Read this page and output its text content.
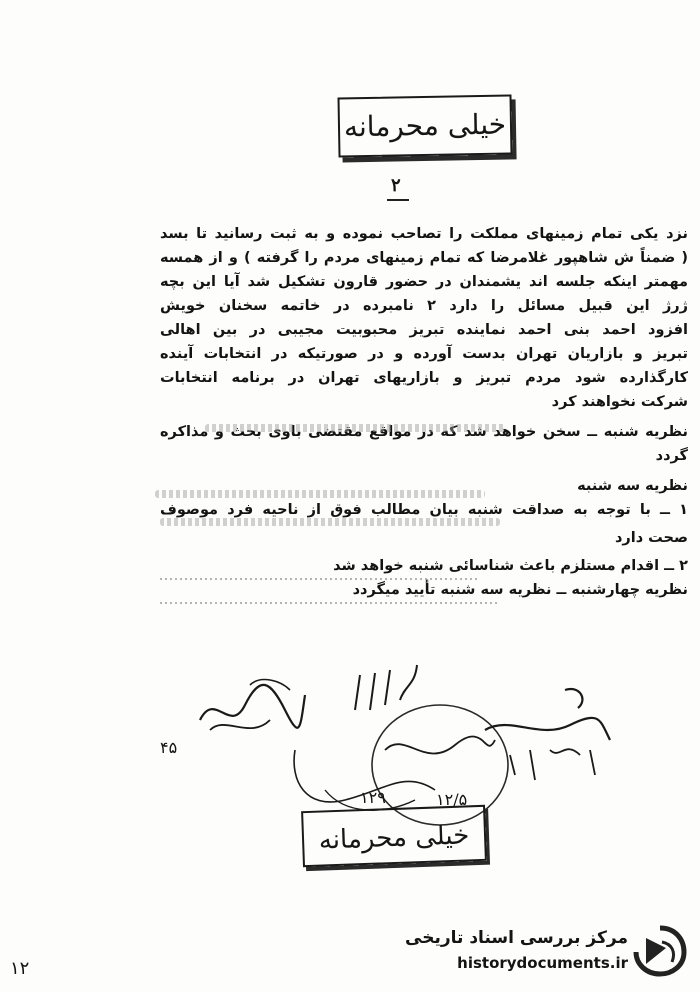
خیلی محرمانه
۲
نزد یکی تمام زمینهای مملکت را تصاحب نموده و به ثبت رسانید تا بسد
( ضمناً ش شاهپور غلامرضا که تمام زمینهای مردم را گرفته ) و از همسه
مهمتر اینکه جلسه اند یشمندان در حضور قارون تشکیل شد آیا این بچه
ژرژ این قبیل مسائل را دارد ۲ نامبرده در خاتمه سخنان خویش
افزود احمد بنی احمد نماینده تبریز محبوبیت مجیبی در بین اهالی
تبریز و بازاریان تهران بدست آورده و در صورتیکه در انتخابات آینده
کارگذارده شود مردم تبریز و بازاریهای تهران در برنامه انتخابات
شرکت نخواهند کرد
نظریه شنبه ــ سخن خواهد شد که در مواقع مقتضی باوی بحث و مذاکره
گردد
نظریه سه شنبه
۱ ــ با توجه به صداقت شنبه بیان مطالب فوق از ناحیه فرد موصوف
صحت دارد
۲ ــ اقدام مستلزم باعث شناسائی شنبه خواهد شد
نظریه چهارشنبه ــ نظریه سه شنبه تأیید میگردد
۴۵
۱۲۹	۱۲/۵
خیلی محرمانه
۱۲
مرکز بررسی اسناد تاریخی
historydocuments.ir
